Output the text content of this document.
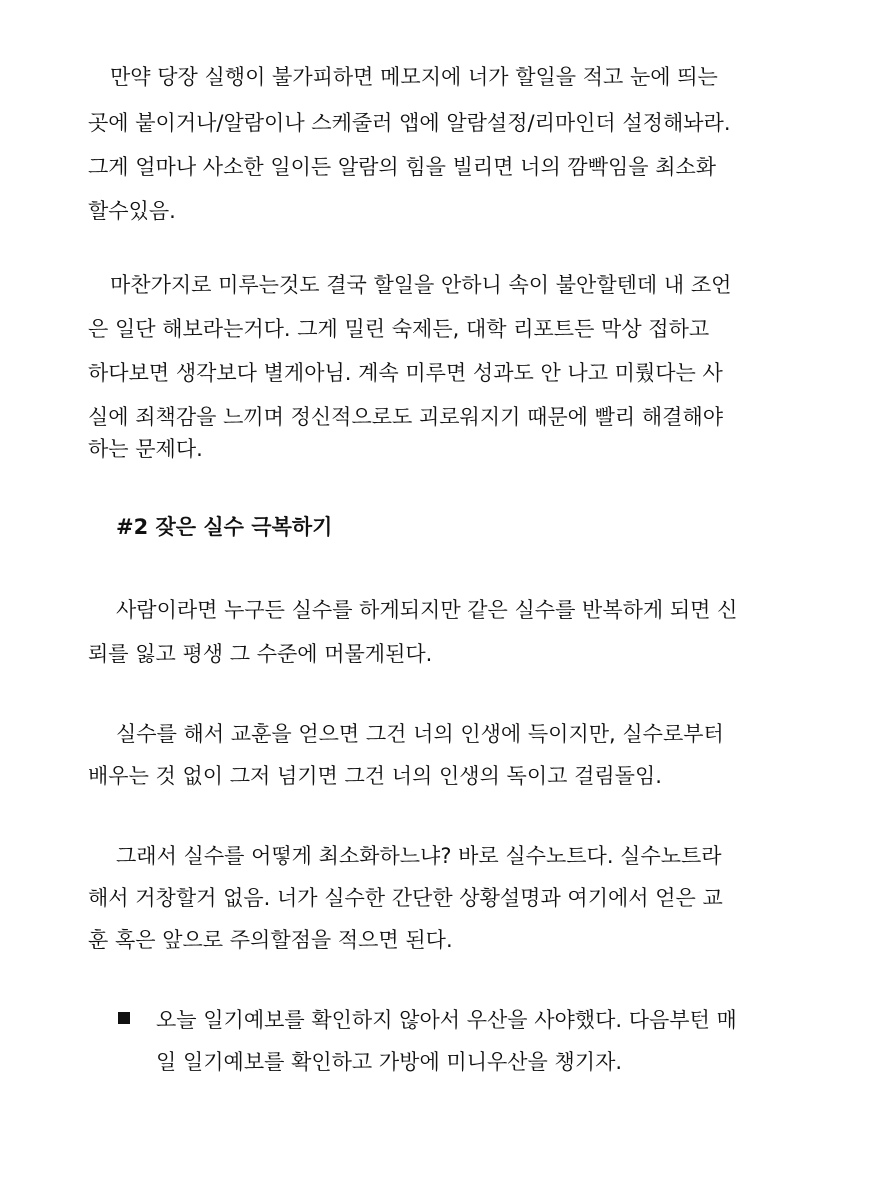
만약 당장 실행이 불가피하면 메모지에 너가 할일을 적고 눈에 띄는
곳에 붙이거나/알람이나 스케줄러 앱에 알람설정/리마인더 설정해놔라.
그게 얼마나 사소한 일이든 알람의 힘을 빌리면 너의 깜빡임을 최소화
할수있음.
마찬가지로 미루는것도 결국 할일을 안하니 속이 불안할텐데 내 조언
은 일단 해보라는거다. 그게 밀린 숙제든, 대학 리포트든 막상 접하고
하다보면 생각보다 별게아님. 계속 미루면 성과도 안 나고 미뤘다는 사
실에 죄책감을 느끼며 정신적으로도 괴로워지기 때문에 빨리 해결해야
하는 문제다.
#2 잦은 실수 극복하기
사람이라면 누구든 실수를 하게되지만 같은 실수를 반복하게 되면 신
뢰를 잃고 평생 그 수준에 머물게된다.
실수를 해서 교훈을 얻으면 그건 너의 인생에 득이지만, 실수로부터
배우는 것 없이 그저 넘기면 그건 너의 인생의 독이고 걸림돌임.
그래서 실수를 어떻게 최소화하느냐? 바로 실수노트다. 실수노트라
해서 거창할거 없음. 너가 실수한 간단한 상황설명과 여기에서 얻은 교
훈 혹은 앞으로 주의할점을 적으면 된다.
오늘 일기예보를 확인하지 않아서 우산을 사야했다. 다음부턴 매
일 일기예보를 확인하고 가방에 미니우산을 챙기자.
